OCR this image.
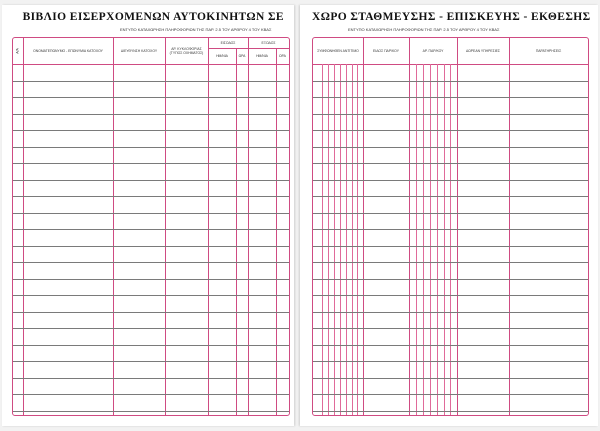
ΒΙΒΛΙΟ ΕΙΣΕΡΧΟΜΕΝΩΝ ΑΥΤΟΚΙΝΗΤΩΝ ΣΕ
ΕΝΤΥΠΟ ΚΑΤΑΧΩΡΗΣΗ ΠΛΗΡΟΦΟΡΙΩΝ ΤΗΣ ΠΑΡ. 2.5 ΤΟΥ ΑΡΘΡΟΥ 4 ΤΟΥ ΚΒΑΣ
Α/Α	ΟΝΟΜΑΤΕΠΩΝΥΜΟ - ΕΠΩΝΥΜΙΑ ΚΑΤΟΧΟΥ	ΔΙΕΥΘΥΝΣΗ ΚΑΤΟΧΟΥ	ΑΡ. ΚΥΚΛΟΦΟΡΙΑΣ (ΤΥΠΟΣ ΟΧΗΜΑΤΟΣ)
ΕΙΣΟΔΟΣ	ΕΞΟΔΟΣ
ΗΜ/ΝΙΑ	ΩΡΑ	ΗΜ/ΝΙΑ	ΩΡΑ
ΧΩΡΟ ΣΤΑΘΜΕΥΣΗΣ - ΕΠΙΣΚΕΥΗΣ - ΕΚΘΕΣΗΣ
ΕΝΤΥΠΟ ΚΑΤΑΧΩΡΗΣΗ ΠΛΗΡΟΦΟΡΙΩΝ ΤΗΣ ΠΑΡ. 2.5 ΤΟΥ ΑΡΘΡΟΥ 4 ΤΟΥ ΚΒΑΣ
ΣΥΜΦΩΝΗΘΕΝ ΑΝΤΙΤΙΜΟ	ΕΙΔΟΣ ΠΑΡ/ΚΟΥ	ΑΡ. ΠΑΡ/ΚΟΥ	ΔΩΡΕΑΝ ΥΠΗΡΕΣΙΕΣ	ΠΑΡΑΤΗΡΗΣΕΙΣ
